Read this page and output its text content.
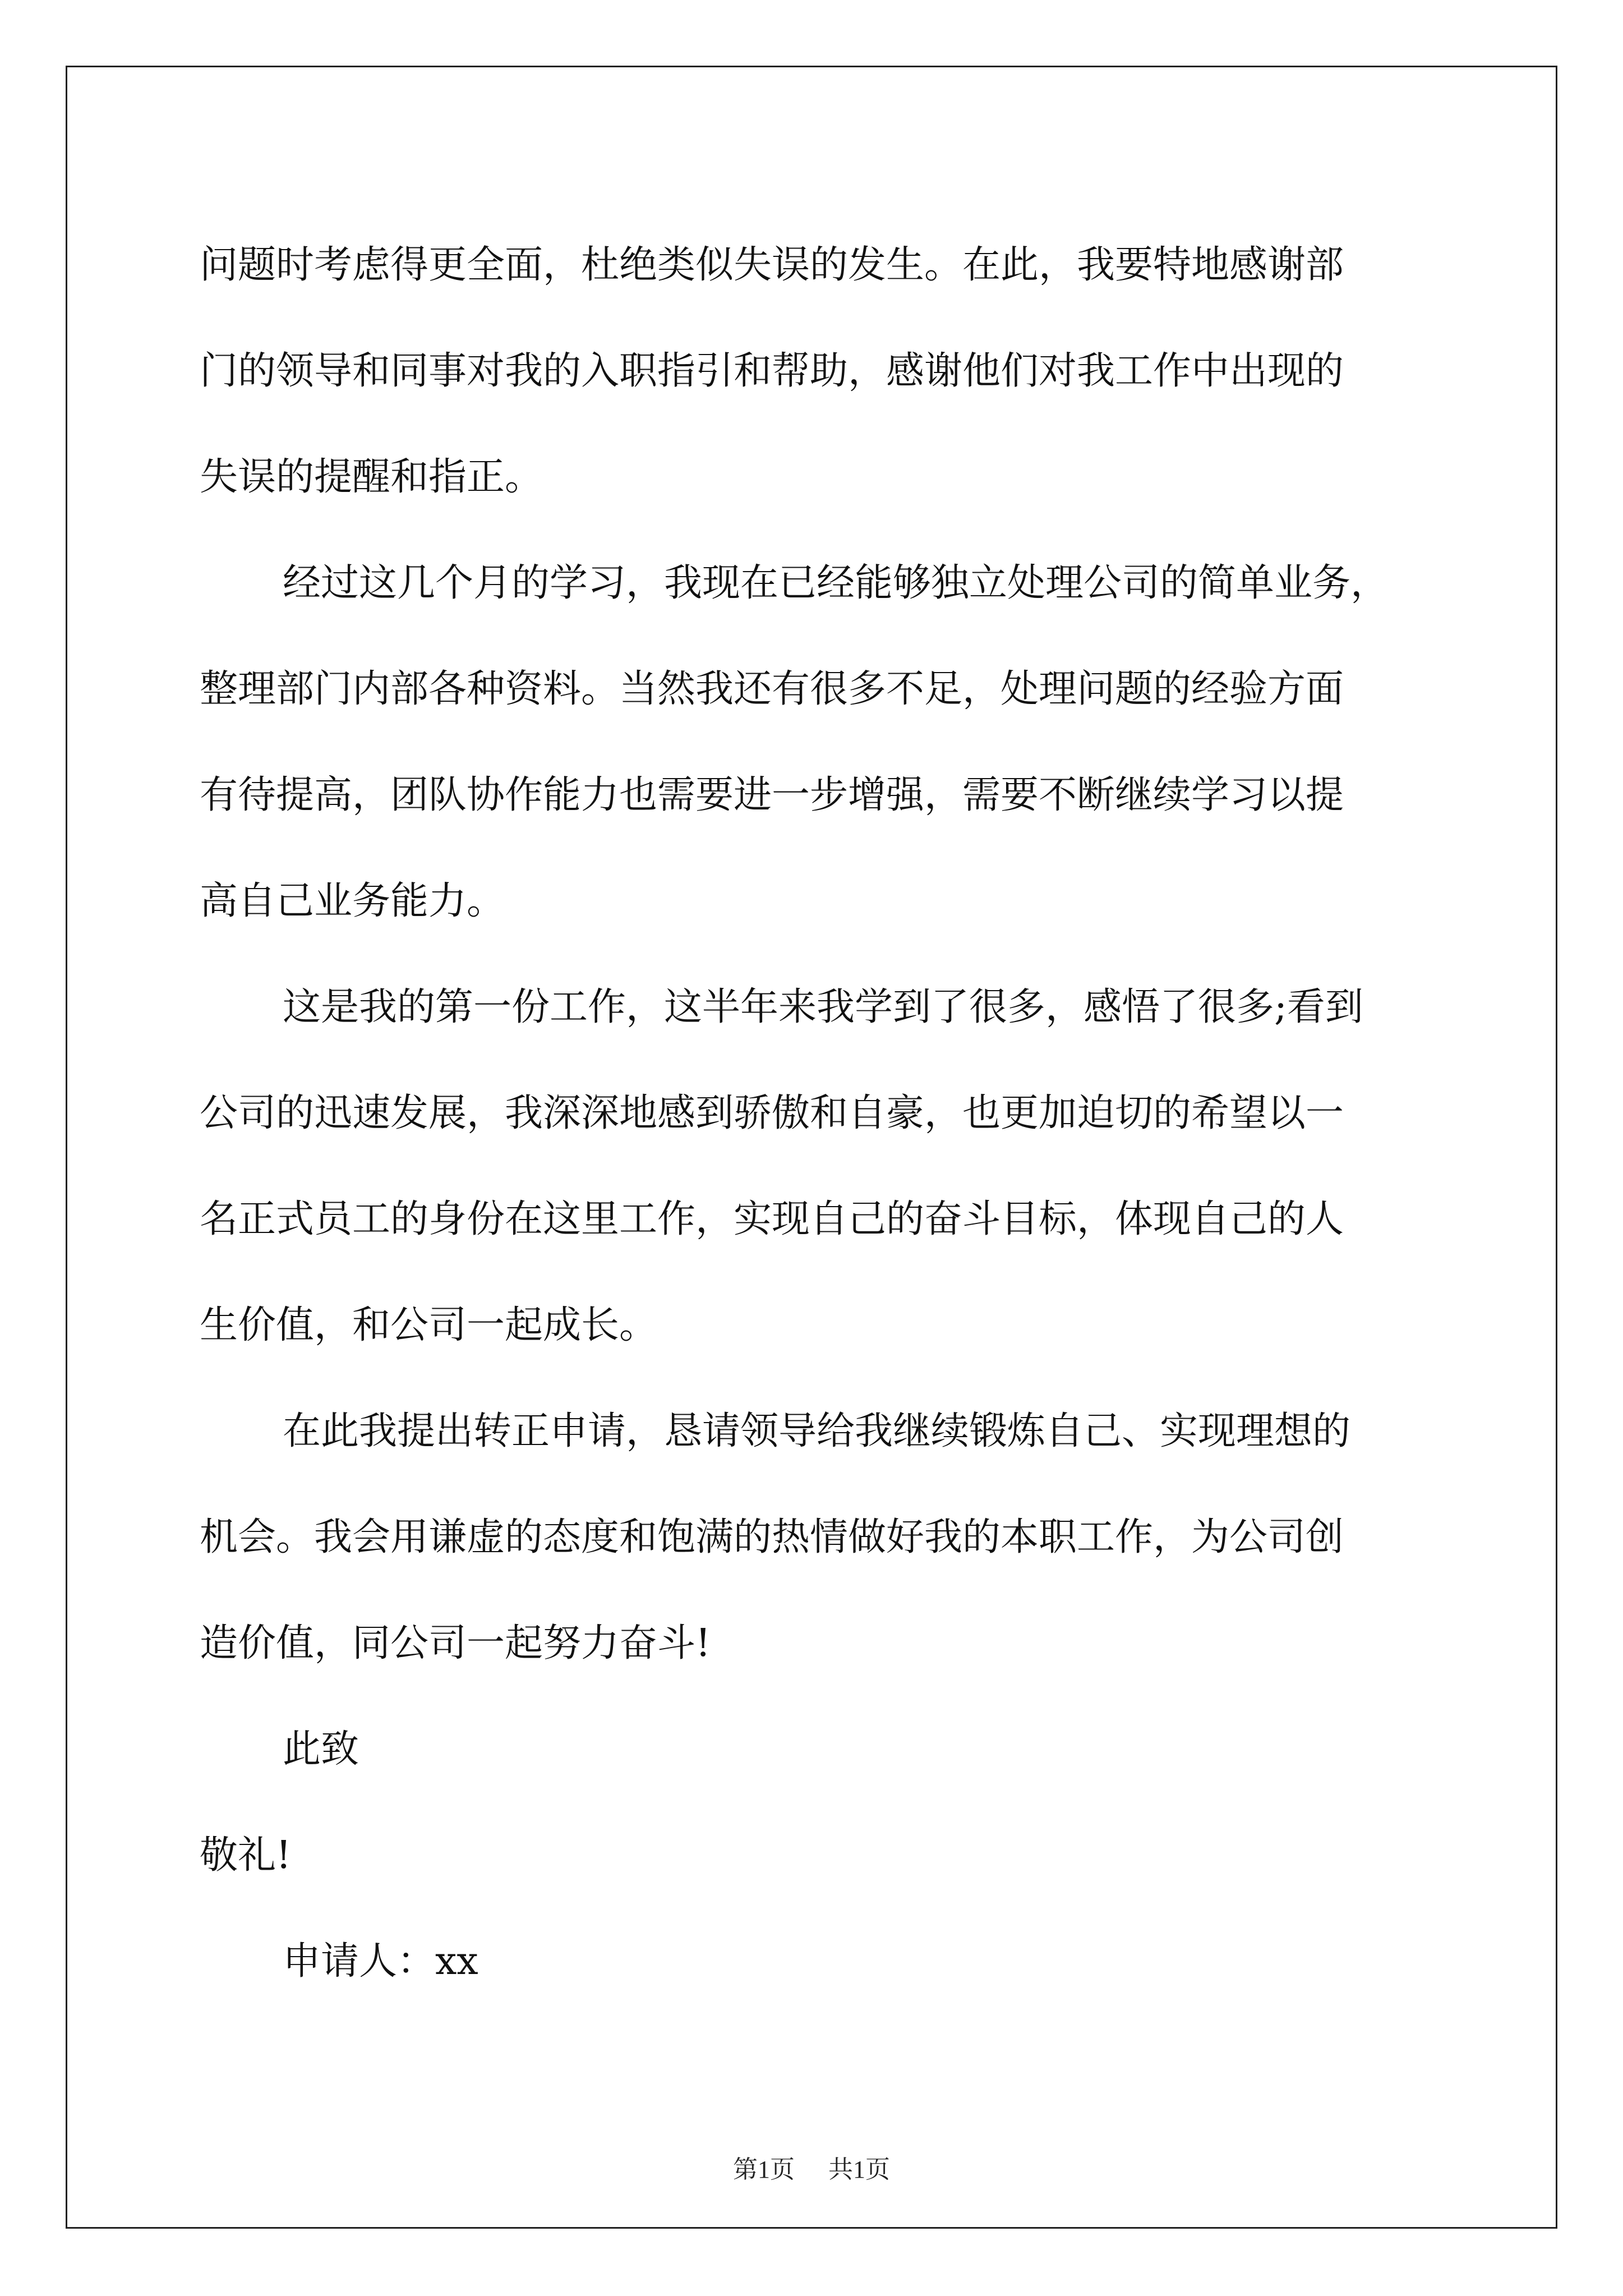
问题时考虑得更全面，杜绝类似失误的发生。在此，我要特地感谢部
门的领导和同事对我的入职指引和帮助，感谢他们对我工作中出现的
失误的提醒和指正。

经过这几个月的学习，我现在已经能够独立处理公司的简单业务，
整理部门内部各种资料。当然我还有很多不足，处理问题的经验方面
有待提高，团队协作能力也需要进一步增强，需要不断继续学习以提
高自己业务能力。

这是我的第一份工作，这半年来我学到了很多，感悟了很多;看到
公司的迅速发展，我深深地感到骄傲和自豪，也更加迫切的希望以一
名正式员工的身份在这里工作，实现自己的奋斗目标，体现自己的人
生价值，和公司一起成长。

在此我提出转正申请，恳请领导给我继续锻炼自己、实现理想的
机会。我会用谦虚的态度和饱满的热情做好我的本职工作，为公司创
造价值，同公司一起努力奋斗!

此致

敬礼!

申请人：xx

第1页 共1页
